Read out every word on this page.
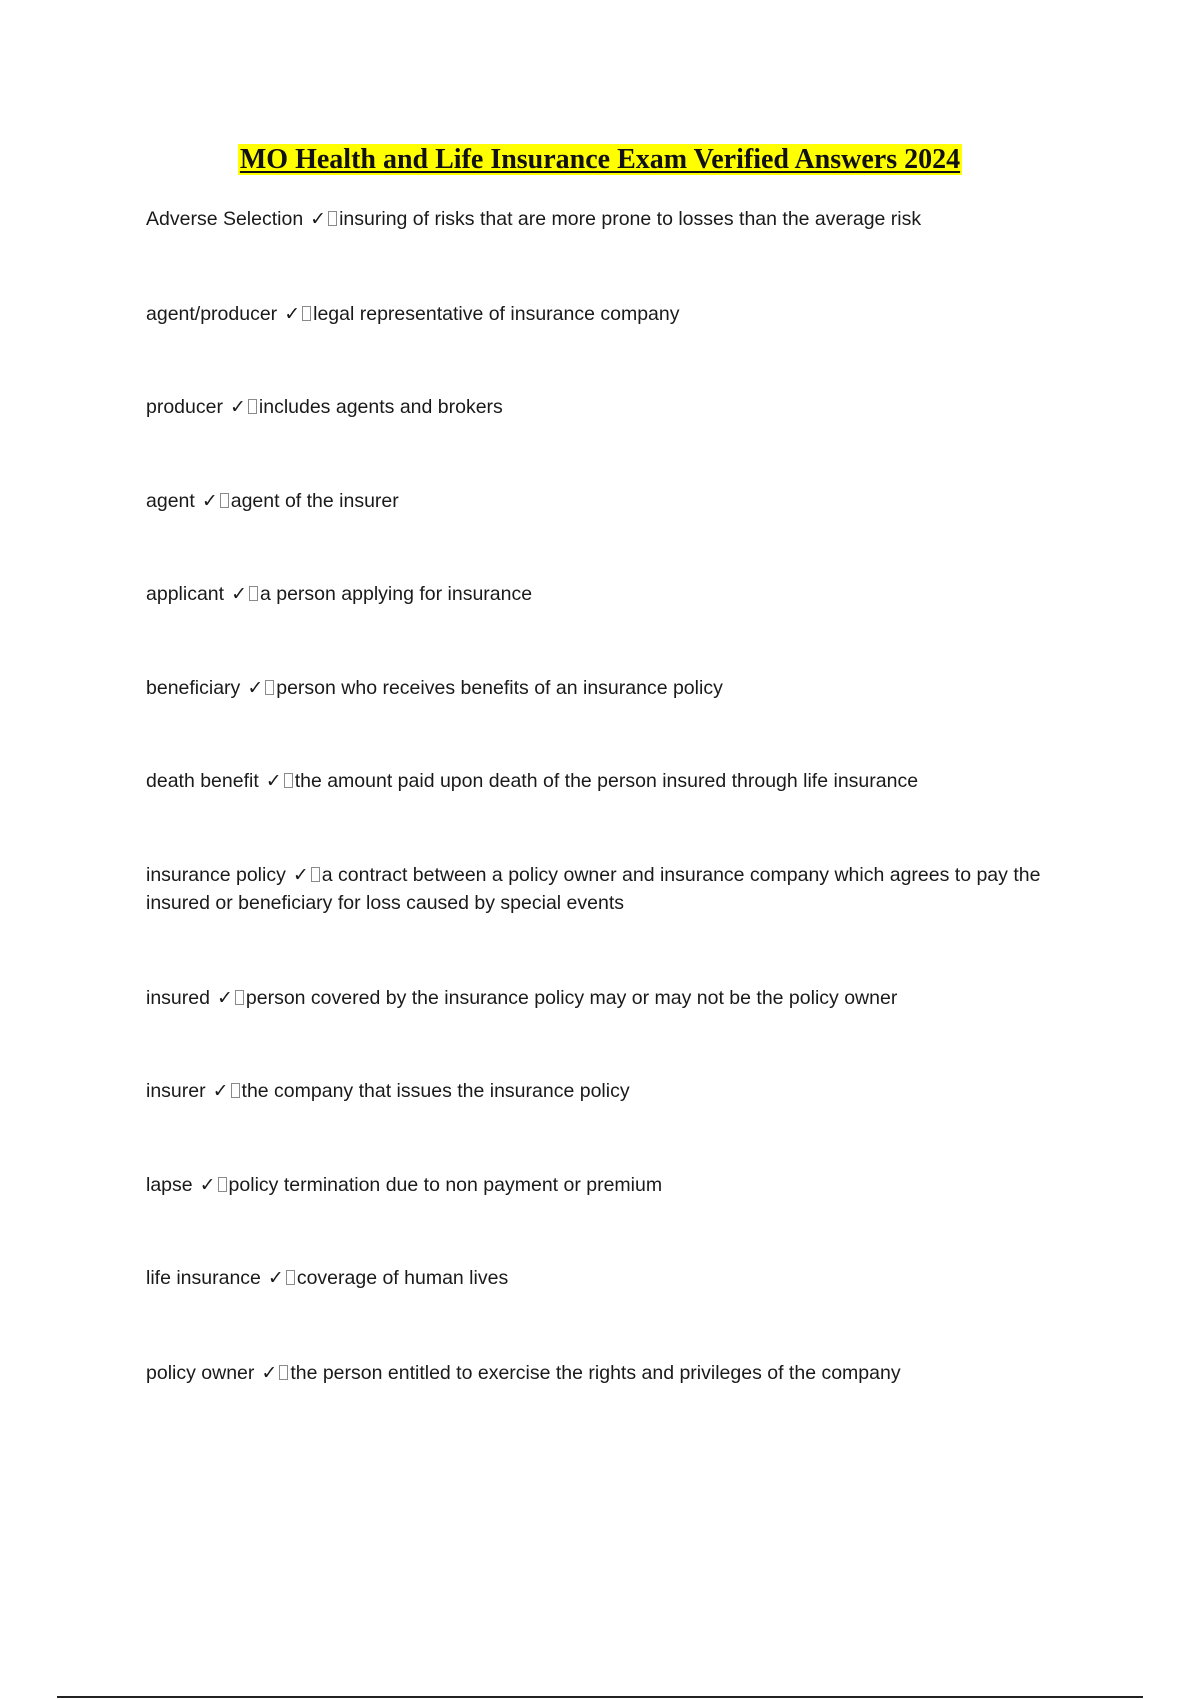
MO Health and Life Insurance Exam Verified Answers 2024
Adverse Selection ✓ insuring of risks that are more prone to losses than the average risk
agent/producer ✓ legal representative of insurance company
producer ✓ includes agents and brokers
agent ✓ agent of the insurer
applicant ✓ a person applying for insurance
beneficiary ✓ person who receives benefits of an insurance policy
death benefit ✓ the amount paid upon death of the person insured through life insurance
insurance policy ✓ a contract between a policy owner and insurance company which agrees to pay the insured or beneficiary for loss caused by special events
insured ✓ person covered by the insurance policy may or may not be the policy owner
insurer ✓ the company that issues the insurance policy
lapse ✓ policy termination due to non payment or premium
life insurance ✓ coverage of human lives
policy owner ✓ the person entitled to exercise the rights and privileges of the company
